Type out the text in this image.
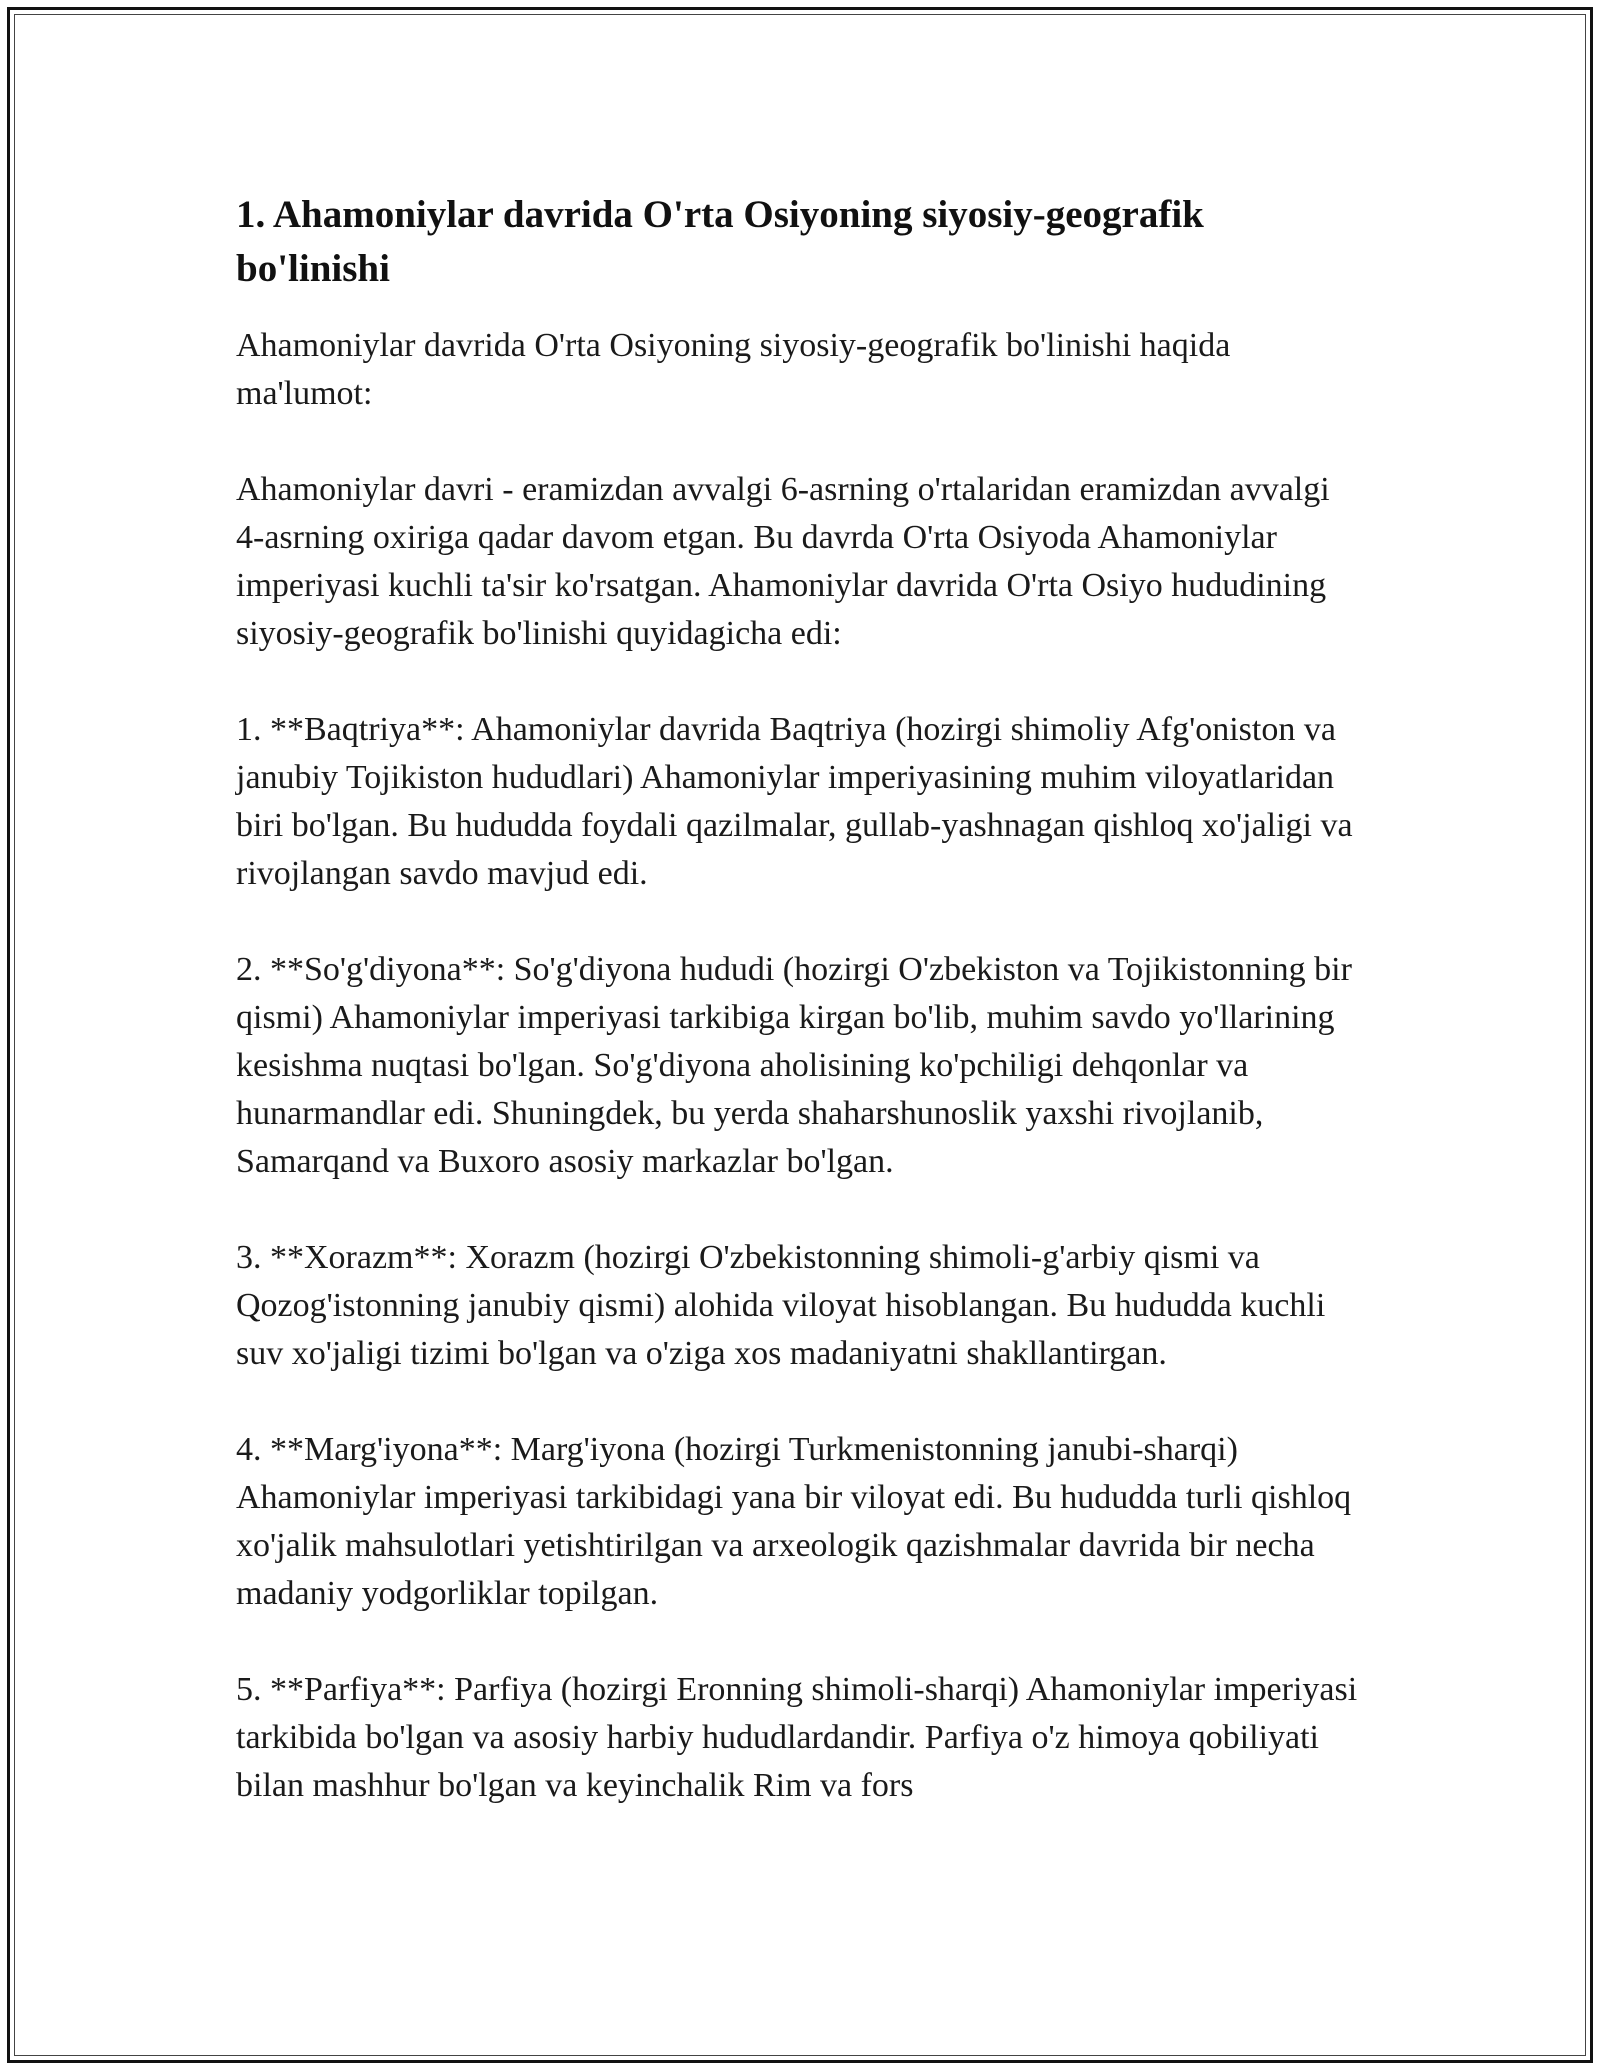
1. Ahamoniylar davrida O'rta Osiyoning siyosiy-geografik bo'linishi

Ahamoniylar davrida O'rta Osiyoning siyosiy-geografik bo'linishi haqida ma'lumot:

Ahamoniylar davri - eramizdan avvalgi 6-asrning o'rtalaridan eramizdan avvalgi 4-asrning oxiriga qadar davom etgan. Bu davrda O'rta Osiyoda Ahamoniylar imperiyasi kuchli ta'sir ko'rsatgan. Ahamoniylar davrida O'rta Osiyo hududining siyosiy-geografik bo'linishi quyidagicha edi:

1. **Baqtriya**: Ahamoniylar davrida Baqtriya (hozirgi shimoliy Afg'oniston va janubiy Tojikiston hududlari) Ahamoniylar imperiyasining muhim viloyatlaridan biri bo'lgan. Bu hududda foydali qazilmalar, gullab-yashnagan qishloq xo'jaligi va rivojlangan savdo mavjud edi.

2. **So'g'diyona**: So'g'diyona hududi (hozirgi O'zbekiston va Tojikistonning bir qismi) Ahamoniylar imperiyasi tarkibiga kirgan bo'lib, muhim savdo yo'llarining kesishma nuqtasi bo'lgan. So'g'diyona aholisining ko'pchiligi dehqonlar va hunarmandlar edi. Shuningdek, bu yerda shaharshunoslik yaxshi rivojlanib, Samarqand va Buxoro asosiy markazlar bo'lgan.

3. **Xorazm**: Xorazm (hozirgi O'zbekistonning shimoli-g'arbiy qismi va Qozog'istonning janubiy qismi) alohida viloyat hisoblangan. Bu hududda kuchli suv xo'jaligi tizimi bo'lgan va o'ziga xos madaniyatni shakllantirgan.

4. **Marg'iyona**: Marg'iyona (hozirgi Turkmenistonning janubi-sharqi) Ahamoniylar imperiyasi tarkibidagi yana bir viloyat edi. Bu hududda turli qishloq xo'jalik mahsulotlari yetishtirilgan va arxeologik qazishmalar davrida bir necha madaniy yodgorliklar topilgan.

5. **Parfiya**: Parfiya (hozirgi Eronning shimoli-sharqi) Ahamoniylar imperiyasi tarkibida bo'lgan va asosiy harbiy hududlardandir. Parfiya o'z himoya qobiliyati bilan mashhur bo'lgan va keyinchalik Rim va fors
